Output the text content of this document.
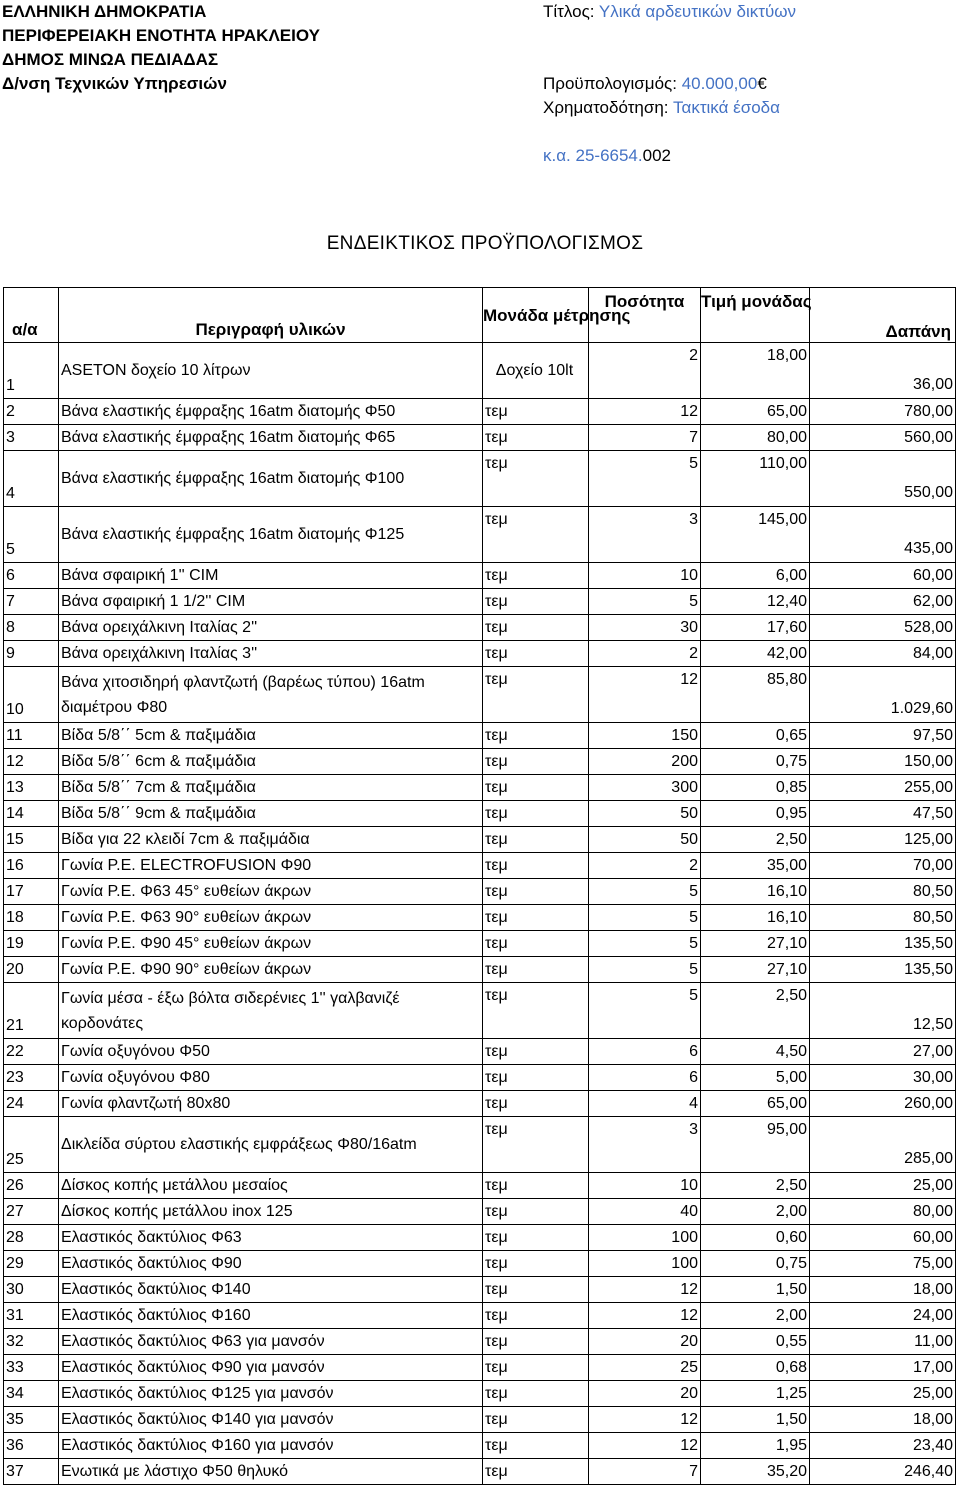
ΕΛΛΗΝΙΚΗ ΔΗΜΟΚΡΑΤΙΑ
ΠΕΡΙΦΕΡΕΙΑΚΗ ΕΝΟΤΗΤΑ ΗΡΑΚΛΕΙΟΥ
ΔΗΜΟΣ ΜΙΝΩΑ ΠΕΔΙΑΔΑΣ
Δ/νση Τεχνικών Υπηρεσιών
Τίτλος: Υλικά αρδευτικών δικτύων
Προϋπολογισμός: 40.000,00€
Χρηματοδότηση: Τακτικά έσοδα
κ.α. 25-6654.002
ΕΝΔΕΙΚΤΙΚΟΣ ΠΡΟΫΠΟΛΟΓΙΣΜΟΣ
α/α	Περιγραφή υλικών	Μονάδα μέτρησης	Ποσότητα	Τιμή μονάδας	Δαπάνη
1	ASETON δοχείο 10 λίτρων	Δοχείο 10lt	2	18,00	36,00
2	Βάνα ελαστικής έμφραξης 16atm διατομής Φ50	τεμ	12	65,00	780,00
3	Βάνα ελαστικής έμφραξης 16atm διατομής Φ65	τεμ	7	80,00	560,00
4	Βάνα ελαστικής έμφραξης 16atm διατομής Φ100	τεμ	5	110,00	550,00
5	Βάνα ελαστικής έμφραξης 16atm διατομής Φ125	τεμ	3	145,00	435,00
6	Βάνα σφαιρική 1'' CIM	τεμ	10	6,00	60,00
7	Βάνα σφαιρική 1 1/2'' CIM	τεμ	5	12,40	62,00
8	Βάνα ορειχάλκινη Ιταλίας 2''	τεμ	30	17,60	528,00
9	Βάνα ορειχάλκινη Ιταλίας 3''	τεμ	2	42,00	84,00
10	Βάνα χιτοσιδηρή φλαντζωτή (βαρέως τύπου) 16atm διαμέτρου Φ80	τεμ	12	85,80	1.029,60
11	Βίδα 5/8΄΄ 5cm & παξιμάδια	τεμ	150	0,65	97,50
12	Βίδα 5/8΄΄ 6cm & παξιμάδια	τεμ	200	0,75	150,00
13	Βίδα 5/8΄΄ 7cm & παξιμάδια	τεμ	300	0,85	255,00
14	Βίδα 5/8΄΄ 9cm & παξιμάδια	τεμ	50	0,95	47,50
15	Βίδα για 22 κλειδί 7cm & παξιμάδια	τεμ	50	2,50	125,00
16	Γωνία P.E. ELECTROFUSION Φ90	τεμ	2	35,00	70,00
17	Γωνία P.E. Φ63 45° ευθείων άκρων	τεμ	5	16,10	80,50
18	Γωνία P.E. Φ63 90° ευθείων άκρων	τεμ	5	16,10	80,50
19	Γωνία P.E. Φ90 45° ευθείων άκρων	τεμ	5	27,10	135,50
20	Γωνία P.E. Φ90 90° ευθείων άκρων	τεμ	5	27,10	135,50
21	Γωνία μέσα - έξω βόλτα σιδερένιες 1'' γαλβανιζέ κορδονάτες	τεμ	5	2,50	12,50
22	Γωνία οξυγόνου Φ50	τεμ	6	4,50	27,00
23	Γωνία οξυγόνου Φ80	τεμ	6	5,00	30,00
24	Γωνία φλαντζωτή 80x80	τεμ	4	65,00	260,00
25	Δικλείδα σύρτου ελαστικής εμφράξεως Φ80/16atm	τεμ	3	95,00	285,00
26	Δίσκος κοπής μετάλλου μεσαίος	τεμ	10	2,50	25,00
27	Δίσκος κοπής μετάλλου inox 125	τεμ	40	2,00	80,00
28	Ελαστικός δακτύλιος Φ63	τεμ	100	0,60	60,00
29	Ελαστικός δακτύλιος Φ90	τεμ	100	0,75	75,00
30	Ελαστικός δακτύλιος Φ140	τεμ	12	1,50	18,00
31	Ελαστικός δακτύλιος Φ160	τεμ	12	2,00	24,00
32	Ελαστικός δακτύλιος Φ63 για μανσόν	τεμ	20	0,55	11,00
33	Ελαστικός δακτύλιος Φ90 για μανσόν	τεμ	25	0,68	17,00
34	Ελαστικός δακτύλιος Φ125 για μανσόν	τεμ	20	1,25	25,00
35	Ελαστικός δακτύλιος Φ140 για μανσόν	τεμ	12	1,50	18,00
36	Ελαστικός δακτύλιος Φ160 για μανσόν	τεμ	12	1,95	23,40
37	Ενωτικά με λάστιχο Φ50 θηλυκό	τεμ	7	35,20	246,40
